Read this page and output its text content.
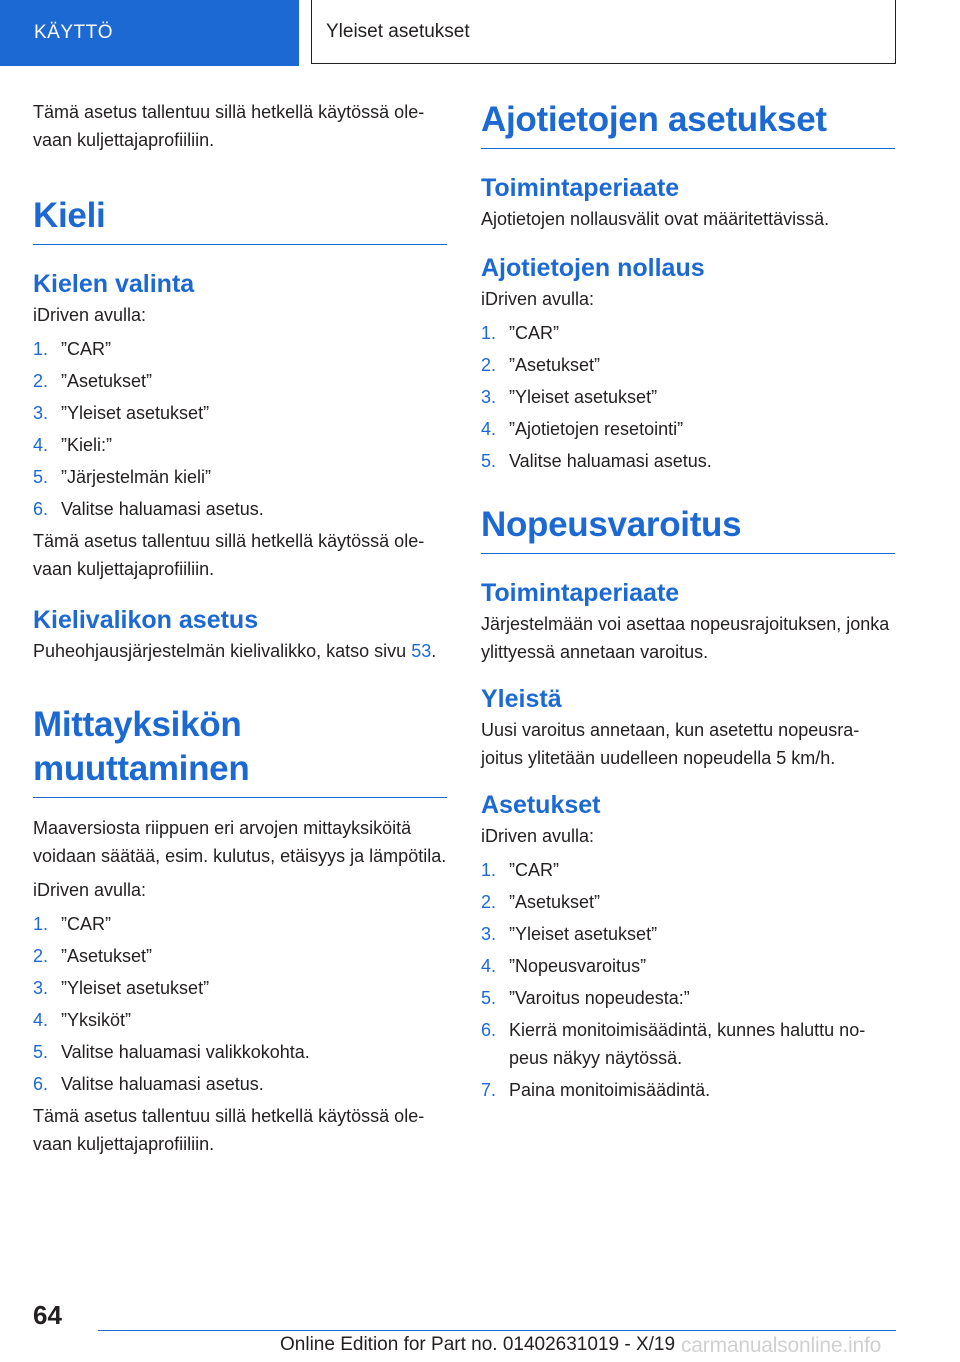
KÄYTTÖ	Yleiset asetukset

Tämä asetus tallentuu sillä hetkellä käytössä olevaan kuljettajaprofiiliin.

Kieli
Kielen valinta

iDriven avulla:

1. ”CAR”
2. ”Asetukset”
3. ”Yleiset asetukset”
4. ”Kieli:”
5. ”Järjestelmän kieli”
6. Valitse haluamasi asetus.

Tämä asetus tallentuu sillä hetkellä käytössä olevaan kuljettajaprofiiliin.

Kielivalikon asetus

Puheohjausjärjestelmän kielivalikko, katso sivu 53.

Mittayksikön muuttaminen

Maaversiosta riippuen eri arvojen mittayksiköitä voidaan säätää, esim. kulutus, etäisyys ja lämpötila.

iDriven avulla:

1. ”CAR”
2. ”Asetukset”
3. ”Yleiset asetukset”
4. ”Yksiköt”
5. Valitse haluamasi valikkokohta.
6. Valitse haluamasi asetus.

Tämä asetus tallentuu sillä hetkellä käytössä olevaan kuljettajaprofiiliin.

Ajotietojen asetukset
Toimintaperiaate

Ajotietojen nollausvälit ovat määritettävissä.

Ajotietojen nollaus

iDriven avulla:

1. ”CAR”
2. ”Asetukset”
3. ”Yleiset asetukset”
4. ”Ajotietojen resetointi”
5. Valitse haluamasi asetus.
Nopeusvaroitus
Toimintaperiaate

Järjestelmään voi asettaa nopeusrajoituksen, jonka ylittyessä annetaan varoitus.

Yleistä

Uusi varoitus annetaan, kun asetettu nopeusrajoitus ylitetään uudelleen nopeudella 5 km/h.

Asetukset

iDriven avulla:

1. ”CAR”
2. ”Asetukset”
3. ”Yleiset asetukset”
4. ”Nopeusvaroitus”
5. ”Varoitus nopeudesta:”
6. Kierrä monitoimisäädintä, kunnes haluttu nopeus näkyy näytössä.
7. Paina monitoimisäädintä.
64
Online Edition for Part no. 01402631019 - X/19 carmanualsonline.info
